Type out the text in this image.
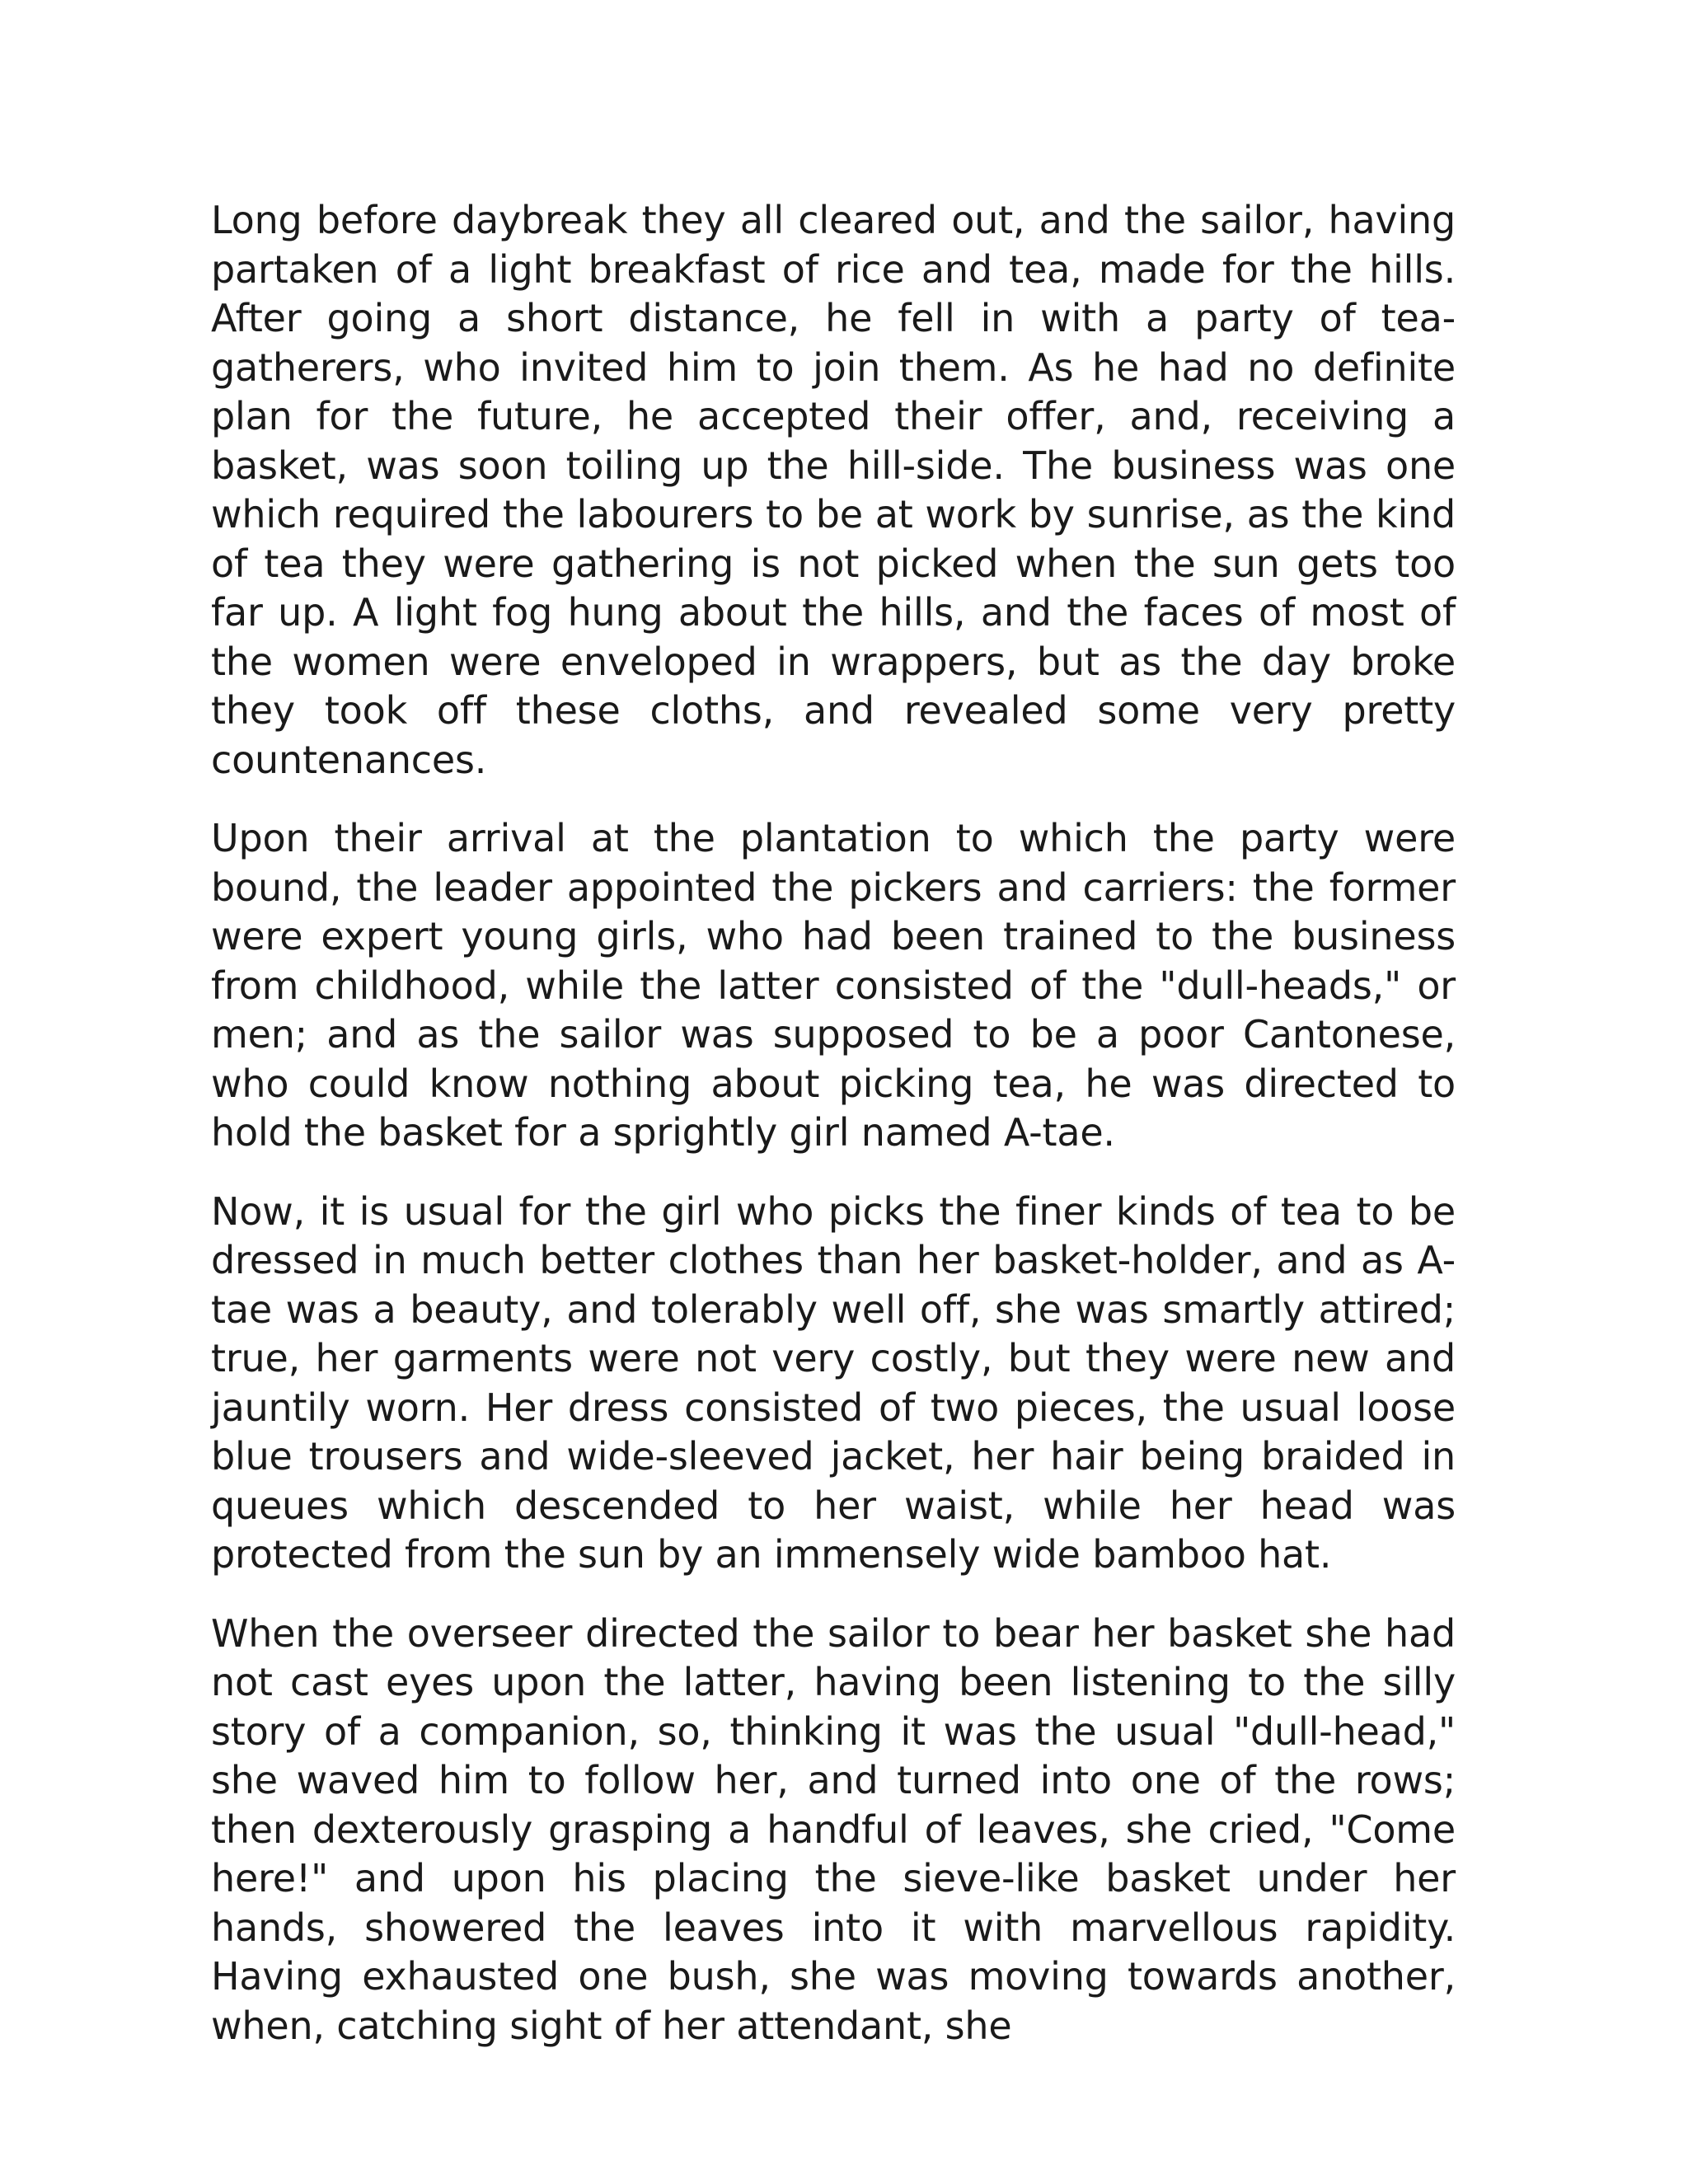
Long before daybreak they all cleared out, and the sailor, having partaken of a light breakfast of rice and tea, made for the hills. After going a short distance, he fell in with a party of tea-gatherers, who invited him to join them. As he had no definite plan for the future, he accepted their offer, and, receiving a basket, was soon toiling up the hill-side. The business was one which required the labourers to be at work by sunrise, as the kind of tea they were gathering is not picked when the sun gets too far up. A light fog hung about the hills, and the faces of most of the women were enveloped in wrappers, but as the day broke they took off these cloths, and revealed some very pretty countenances.

Upon their arrival at the plantation to which the party were bound, the leader appointed the pickers and carriers: the former were expert young girls, who had been trained to the business from childhood, while the latter consisted of the "dull-heads," or men; and as the sailor was supposed to be a poor Cantonese, who could know nothing about picking tea, he was directed to hold the basket for a sprightly girl named A-tae.

Now, it is usual for the girl who picks the finer kinds of tea to be dressed in much better clothes than her basket-holder, and as A-tae was a beauty, and tolerably well off, she was smartly attired; true, her garments were not very costly, but they were new and jauntily worn. Her dress consisted of two pieces, the usual loose blue trousers and wide-sleeved jacket, her hair being braided in queues which descended to her waist, while her head was protected from the sun by an immensely wide bamboo hat.

When the overseer directed the sailor to bear her basket she had not cast eyes upon the latter, having been listening to the silly story of a companion, so, thinking it was the usual "dull-head," she waved him to follow her, and turned into one of the rows; then dexterously grasping a handful of leaves, she cried, "Come here!" and upon his placing the sieve-like basket under her hands, showered the leaves into it with marvellous rapidity. Having exhausted one bush, she was moving towards another, when, catching sight of her attendant, she
